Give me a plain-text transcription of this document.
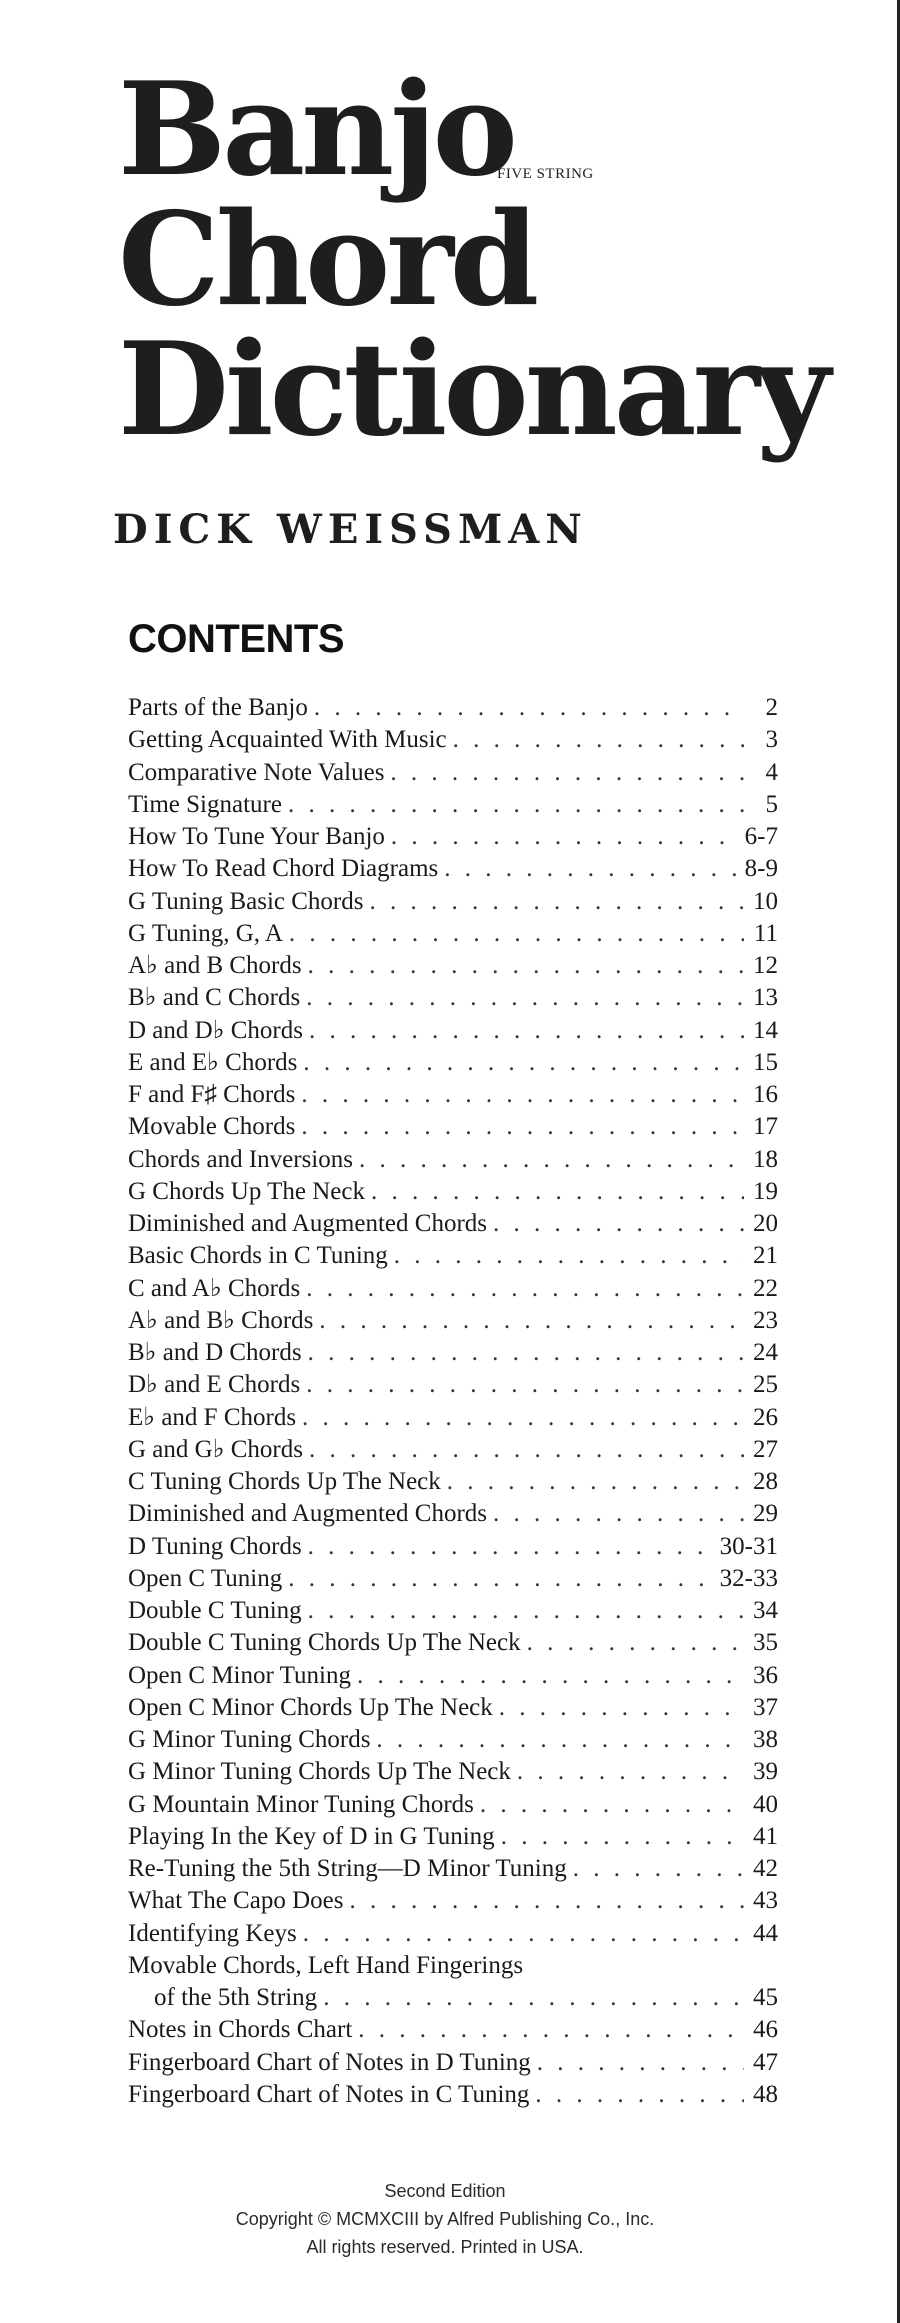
Banjo
FIVE STRING
Chord
Dictionary
DICK WEISSMAN
CONTENTS
Parts of the Banjo . . .	2
Getting Acquainted With Music . . .	3
Comparative Note Values . . .	4
Time Signature . . .	5
How To Tune Your Banjo . . .	6-7
How To Read Chord Diagrams . . .	8-9
G Tuning Basic Chords . . .	10
G Tuning, G, A . . .	11
A♭ and B Chords . . .	12
B♭ and C Chords . . .	13
D and D♭ Chords . . .	14
E and E♭ Chords . . .	15
F and F♯ Chords . . .	16
Movable Chords . . .	17
Chords and Inversions . . .	18
G Chords Up The Neck . . .	19
Diminished and Augmented Chords . . .	20
Basic Chords in C Tuning . . .	21
C and A♭ Chords . . .	22
A♭ and B♭ Chords . . .	23
B♭ and D Chords . . .	24
D♭ and E Chords . . .	25
E♭ and F Chords . . .	26
G and G♭ Chords . . .	27
C Tuning Chords Up The Neck . . .	28
Diminished and Augmented Chords . . .	29
D Tuning Chords . . .	30-31
Open C Tuning . . .	32-33
Double C Tuning . . .	34
Double C Tuning Chords Up The Neck . . .	35
Open C Minor Tuning . . .	36
Open C Minor Chords Up The Neck . . .	37
G Minor Tuning Chords . . .	38
G Minor Tuning Chords Up The Neck . . .	39
G Mountain Minor Tuning Chords . . .	40
Playing In the Key of D in G Tuning . . .	41
Re-Tuning the 5th String—D Minor Tuning . . .	42
What The Capo Does . . .	43
Identifying Keys . . .	44
Movable Chords, Left Hand Fingerings
of the 5th String . . .	45
Notes in Chords Chart . . .	46
Fingerboard Chart of Notes in D Tuning . . .	47
Fingerboard Chart of Notes in C Tuning . . .	48
Second Edition
Copyright © MCMXCIII by Alfred Publishing Co., Inc.
All rights reserved. Printed in USA.
